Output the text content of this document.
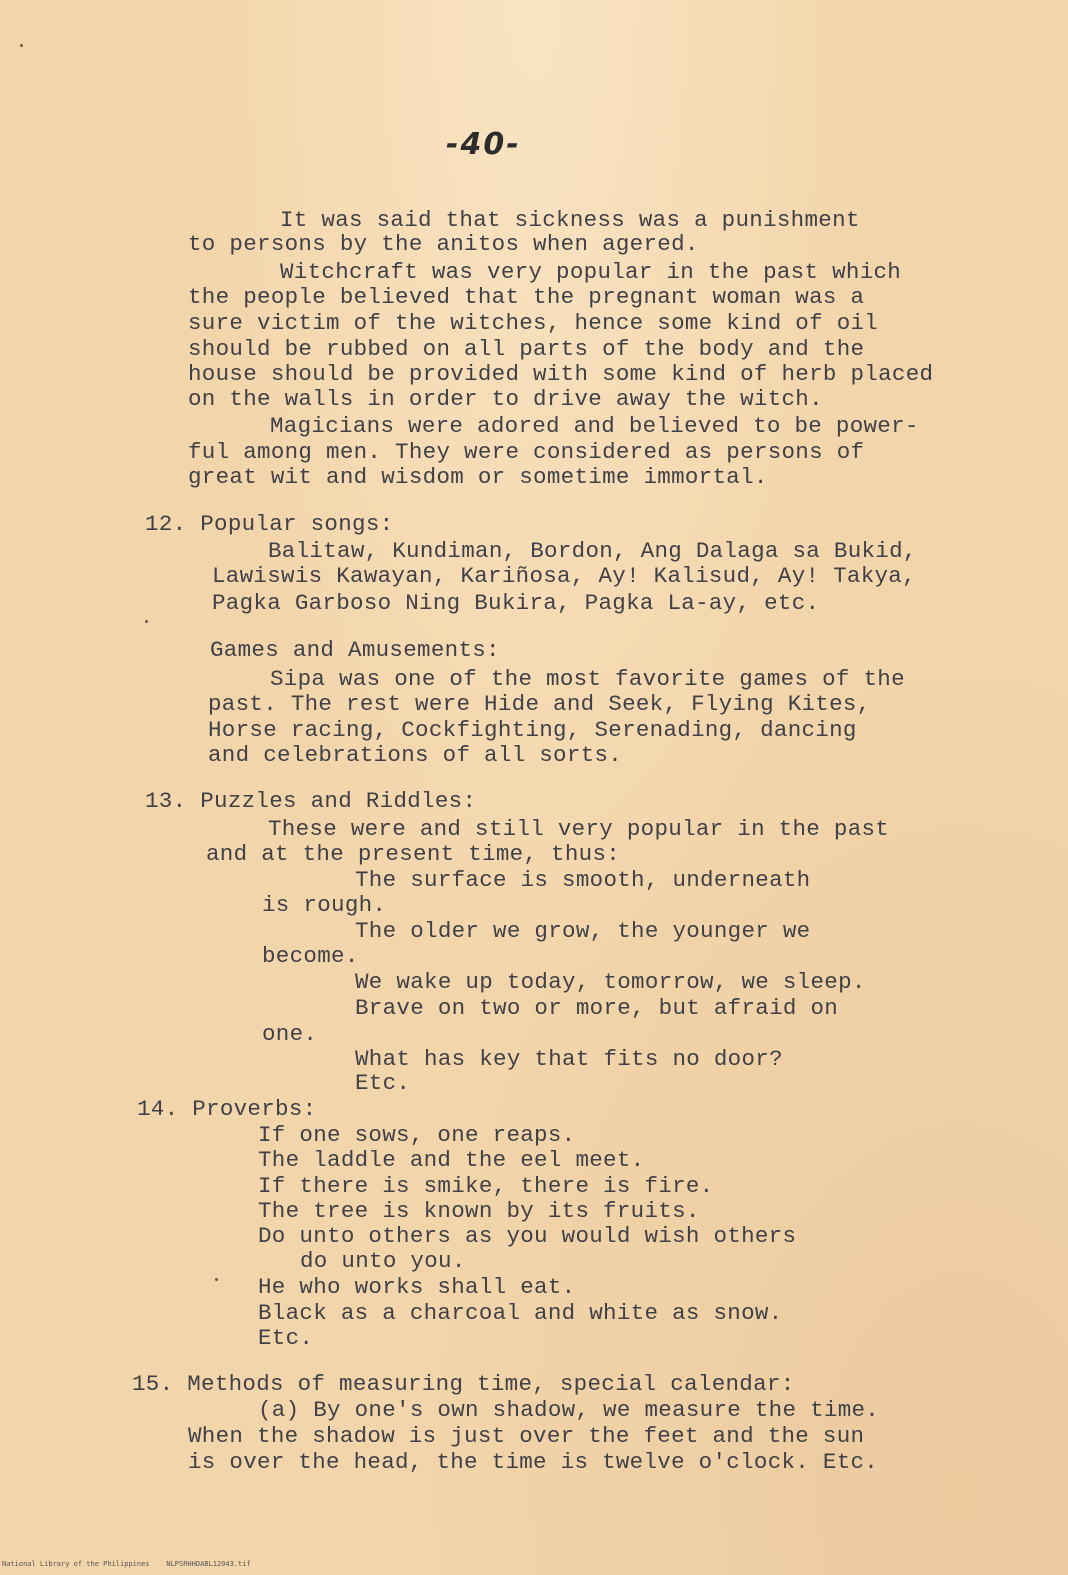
-40-
It was said that sickness was a punishment
to persons by the anitos when agered.
Witchcraft was very popular in the past which
the people believed that the pregnant woman was a
sure victim of the witches, hence some kind of oil
should be rubbed on all parts of the body and the
house should be provided with some kind of herb placed
on the walls in order to drive away the witch.
Magicians were adored and believed to be power-
ful among men. They were considered as persons of
great wit and wisdom or sometime immortal.
12. Popular songs:
Balitaw, Kundiman, Bordon, Ang Dalaga sa Bukid,
Lawiswis Kawayan, Kariñosa, Ay! Kalisud, Ay! Takya,
Pagka Garboso Ning Bukira, Pagka La-ay, etc.
Games and Amusements:
Sipa was one of the most favorite games of the
past. The rest were Hide and Seek, Flying Kites,
Horse racing, Cockfighting, Serenading, dancing
and celebrations of all sorts.
13. Puzzles and Riddles:
These were and still very popular in the past
and at the present time, thus:
The surface is smooth, underneath
is rough.
The older we grow, the younger we
become.
We wake up today, tomorrow, we sleep.
Brave on two or more, but afraid on
one.
What has key that fits no door?
Etc.
14. Proverbs:
If one sows, one reaps.
The laddle and the eel meet.
If there is smike, there is fire.
The tree is known by its fruits.
Do unto others as you would wish others
do unto you.
He who works shall eat.
Black as a charcoal and white as snow.
Etc.
15. Methods of measuring time, special calendar:
(a) By one's own shadow, we measure the time.
When the shadow is just over the feet and the sun
is over the head, the time is twelve o'clock. Etc.
National Library of the Philippines    NLPSRHHDABL12043.tif
